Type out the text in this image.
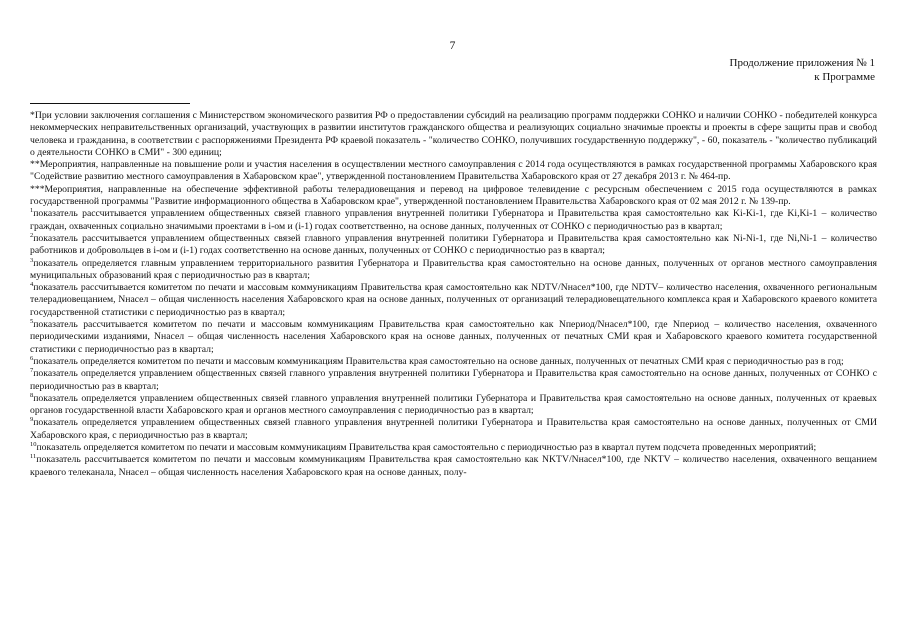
7
Продолжение приложения № 1
к Программе

*При условии заключения соглашения с Министерством экономического развития РФ о предоставлении субсидий на реализацию программ поддержки СОНКО и наличии СОНКО - победителей конкурса некоммерческих неправительственных организаций, участвующих в развитии институтов гражданского общества и реализующих социально значимые проекты и проекты в сфере защиты прав и свобод человека и гражданина, в соответствии с распоряжениями Президента РФ краевой показатель - "количество СОНКО, получивших государственную поддержку", - 60, показатель - "количество публикаций о деятельности СОНКО в СМИ" - 300 единиц;

**Мероприятия, направленные на повышение роли и участия населения в осуществлении местного самоуправления с 2014 года осуществляются в рамках государственной программы Хабаровского края "Содействие развитию местного самоуправления в Хабаровском крае", утвержденной постановлением Правительства Хабаровского края от 27 декабря 2013 г. № 464-пр.

***Мероприятия, направленные на обеспечение эффективной работы телерадиовещания и перевод на цифровое телевидение с ресурсным обеспечением с 2015 года осуществляются в рамках государственной программы "Развитие информационного общества в Хабаровском крае", утвержденной постановлением Правительства Хабаровского края от 02 мая 2012 г. № 139-пр.

$^1$показатель рассчитывается управлением общественных связей главного управления внутренней политики Губернатора и Правительства края самостоятельно как Ki-Ki-1, где Ki,Ki-1 – количество граждан, охваченных социально значимыми проектами в i-ом и (i-1) годах соответственно, на основе данных, полученных от СОНКО с периодичностью раз в квартал;

$^2$показатель рассчитывается управлением общественных связей главного управления внутренней политики Губернатора и Правительства края самостоятельно как Ni-Ni-1, где Ni,Ni-1 – количество работников и добровольцев в i-ом и (i-1) годах соответственно на основе данных, полученных от СОНКО с периодичностью раз в квартал;

$^3$показатель определяется главным управлением территориального развития Губернатора и Правительства края самостоятельно на основе данных, полученных от органов местного самоуправления муниципальных образований края с периодичностью раз в квартал;

$^4$показатель рассчитывается комитетом по печати и массовым коммуникациям Правительства края самостоятельно как NDTV/Nнасел*100, где NDTV– количество населения, охваченного региональным телерадиовещанием, Nнасел – общая численность населения Хабаровского края на основе данных, полученных от организаций телерадиовещательного комплекса края и Хабаровского краевого комитета государственной статистики с периодичностью раз в квартал;

$^5$показатель рассчитывается комитетом по печати и массовым коммуникациям Правительства края самостоятельно как Nпериод/Nнасел*100, где Nпериод – количество населения, охваченного периодическими изданиями, Nнасел – общая численность населения Хабаровского края на основе данных, полученных от печатных СМИ края и Хабаровского краевого комитета государственной статистики с периодичностью раз в квартал;

$^6$показатель определяется комитетом по печати и массовым коммуникациям Правительства края самостоятельно на основе данных, полученных от печатных СМИ края с периодичностью раз в год;

$^7$показатель определяется управлением общественных связей главного управления внутренней политики Губернатора и Правительства края самостоятельно на основе данных, полученных от СОНКО с периодичностью раз в квартал;

$^8$показатель определяется управлением общественных связей главного управления внутренней политики Губернатора и Правительства края самостоятельно на основе данных, полученных от краевых органов государственной власти Хабаровского края и органов местного самоуправления с периодичностью раз в квартал;

$^9$показатель определяется управлением общественных связей главного управления внутренней политики Губернатора и Правительства края самостоятельно на основе данных, полученных от СМИ Хабаровского края, с периодичностью раз в квартал;

$^{10}$показатель определяется комитетом по печати и массовым коммуникациям Правительства края самостоятельно с периодичностью раз в квартал путем подсчета проведенных мероприятий;

$^{11}$показатель рассчитывается комитетом по печати и массовым коммуникациям Правительства края самостоятельно как NKTV/Nнасел*100, где NKTV – количество населения, охваченного вещанием краевого телеканала, Nнасел – общая численность населения Хабаровского края на основе данных, полу-
